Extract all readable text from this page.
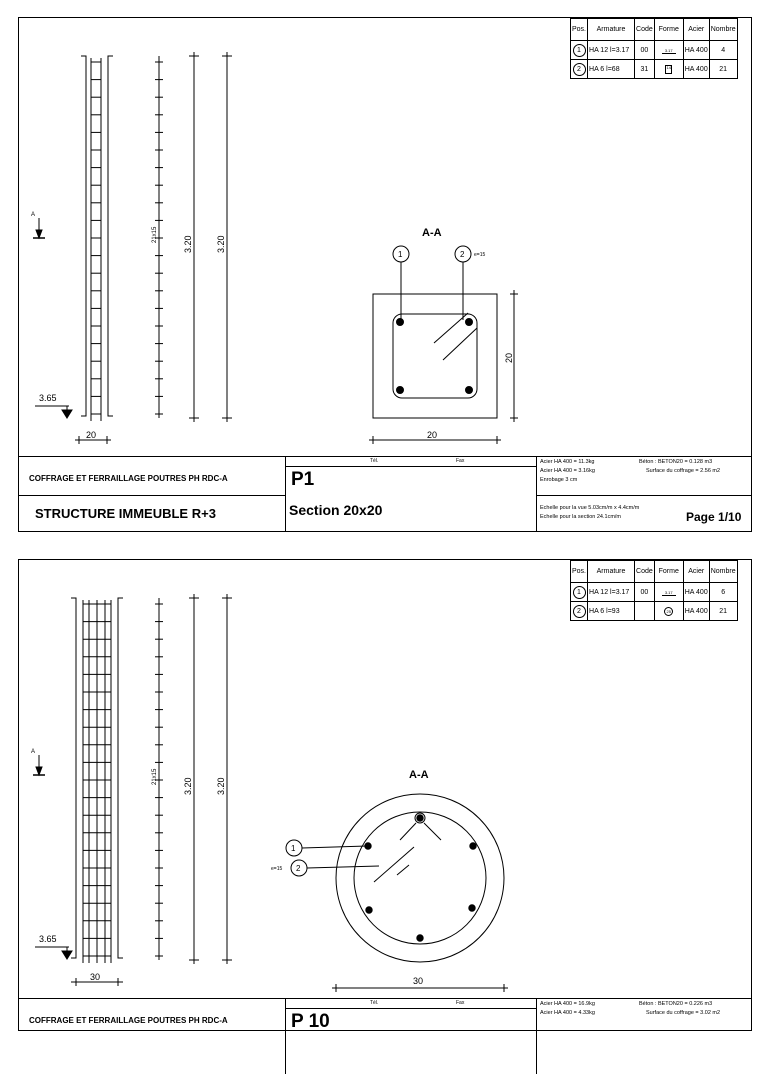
Pos.	Armature	Code	Forme	Acier	Nombre
1	HA 12 l=3.17	00	3.17	HA 400	4
2	HA 6 l=68	31	14	HA 400	21
A
21x15
3.20	3.20
3.65
20
A-A
1	2 e=15
20
20
Tél.	Fax
COFFRAGE ET FERRAILLAGE POUTRES PH RDC-A
STRUCTURE IMMEUBLE R+3
P1
Section 20x20
Acier HA 400 = 11.3kg
Acier HA 400 = 3.16kg
Enrobage 3 cm
Béton : BETON20 = 0.128 m3
Surface du coffrage = 2.56 m2
Echelle pour la vue 5.03cm/m x 4.4cm/m
Echelle pour la section 24.1cm/m	Page 1/10
Pos.	Armature	Code	Forme	Acier	Nombre
1	HA 12 l=3.17	00	3.17	HA 400	6
2	HA 6 l=93		25	HA 400	21
A
21x15
3.20	3.20
3.65
30
A-A
1
2
e=15
30
Tél.	Fax
COFFRAGE ET FERRAILLAGE POUTRES PH RDC-A	P 10
Acier HA 400 = 16.9kg
Acier HA 400 = 4.33kg
Béton : BETON20 = 0.226 m3
Surface du coffrage = 3.02 m2
